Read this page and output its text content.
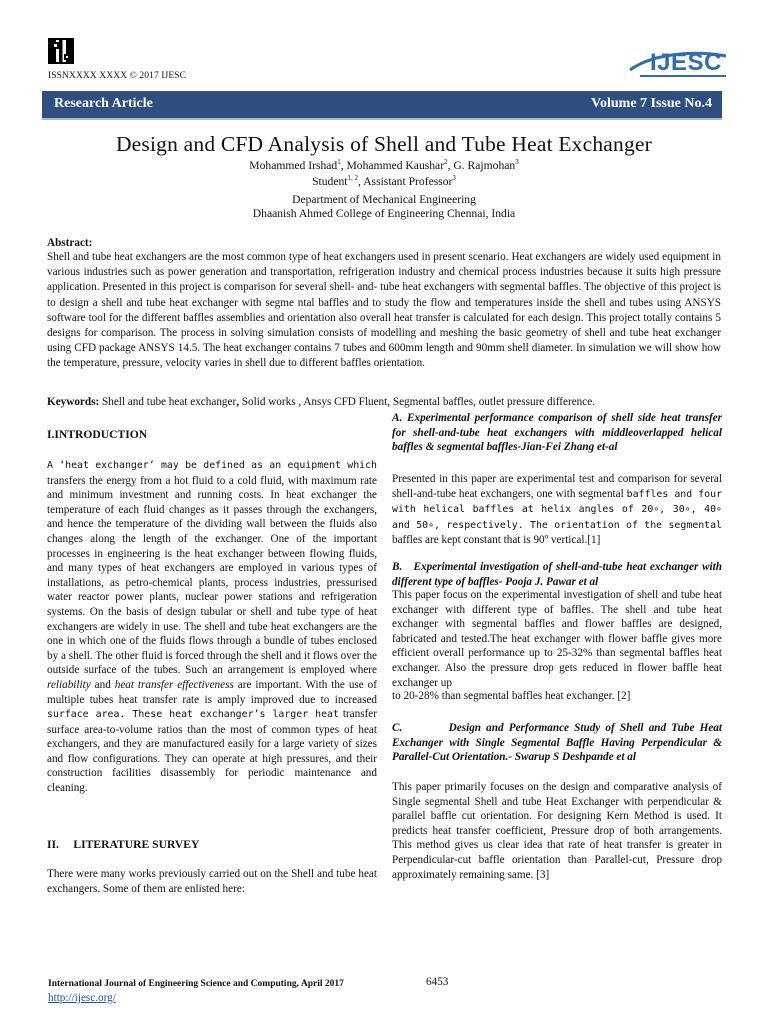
ISSNXXXX XXXX © 2017 IJESC	IJESC
Research Article	Volume 7 Issue No.4
Design and CFD Analysis of Shell and Tube Heat Exchanger
Mohammed Irshad$^1$, Mohammed Kaushar$^2$, G. Rajmohan$^3$
Student$^{1, 2}$, Assistant Professor$^3$
Department of Mechanical Engineering
Dhaanish Ahmed College of Engineering Chennai, India
Abstract:
Shell and tube heat exchangers are the most common type of heat exchangers used in present scenario. Heat exchangers are widely used equipment in various industries such as power generation and transportation, refrigeration industry and chemical process industries because it suits high pressure application. Presented in this project is comparison for several shell- and- tube heat exchangers with segmental baffles. The objective of this project is to design a shell and tube heat exchanger with segme ntal baffles and to study the flow and temperatures inside the shell and tubes using ANSYS software tool for the different baffles assemblies and orientation also overall heat transfer is calculated for each design. This project totally contains 5 designs for comparison. The process in solving simulation consists of modelling and meshing the basic geometry of shell and tube heat exchanger using CFD package ANSYS 14.5. The heat exchanger contains 7 tubes and 600mm length and 90mm shell diameter. In simulation we will show how the temperature, pressure, velocity varies in shell due to different baffles orientation.
Keywords: Shell and tube heat exchanger, Solid works , Ansys CFD Fluent, Segmental baffles, outlet pressure difference.
I.INTRODUCTION
A ‘heat exchanger’ may be defined as an equipment which transfers the energy from a hot fluid to a cold fluid, with maximum rate and minimum investment and running costs. In heat exchanger the temperature of each fluid changes as it passes through the exchangers, and hence the temperature of the dividing wall between the fluids also changes along the length of the exchanger. One of the important processes in engineering is the heat exchanger between flowing fluids, and many types of heat exchangers are employed in various types of installations, as petro-chemical plants, process industries, pressurised water reactor power plants, nuclear power stations and refrigeration systems. On the basis of design tubular or shell and tube type of heat exchangers are widely in use. The shell and tube heat exchangers are the one in which one of the fluids flows through a bundle of tubes enclosed by a shell. The other fluid is forced through the shell and it flows over the outside surface of the tubes. Such an arrangement is employed where reliability and heat transfer effectiveness are important. With the use of multiple tubes heat transfer rate is amply improved due to increased surface area. These heat exchanger’s larger heat transfer surface area-to-volume ratios than the most of common types of heat exchangers, and they are manufactured easily for a large variety of sizes and flow configurations. They can operate at high pressures, and their construction facilities disassembly for periodic maintenance and cleaning.
II.     LITERATURE SURVEY
There were many works previously carried out on the Shell and tube heat exchangers. Some of them are enlisted here:
A. Experimental performance comparison of shell side heat transfer for shell-and-tube heat exchangers with middleoverlapped helical baffles & segmental baffles-Jian-Fei Zhang et-al
Presented in this paper are experimental test and comparison for several shell-and-tube heat exchangers, one with segmental baffles and four with helical baffles at helix angles of 20∘, 30∘, 40∘ and 50∘, respectively. The orientation of the segmental baffles are kept constant that is 90º vertical.[1]
B.   Experimental investigation of shell-and-tube heat exchanger with different type of baffles- Pooja J. Pawar et al
This paper focus on the experimental investigation of shell and tube heat exchanger with different type of baffles. The shell and tube heat exchanger with segmental baffles and flower baffles are designed, fabricated and tested.The heat exchanger with flower baffle gives more efficient overall performance up to 25-32% than segmental baffles heat exchanger. Also the pressure drop gets reduced in flower baffle heat exchanger up
to 20-28% than segmental baffles heat exchanger. [2]
C.         Design and Performance Study of Shell and Tube Heat Exchanger with Single Segmental Baffle Having Perpendicular & Parallel-Cut Orientation.- Swarup S Deshpande et al
This paper primarily focuses on the design and comparative analysis of Single segmental Shell and tube Heat Exchanger with perpendicular & parallel baffle cut orientation. For designing Kern Method is used. It predicts heat transfer coefficient, Pressure drop of both arrangements. This method gives us clear idea that rate of heat transfer is greater in Perpendicular-cut baffle orientation than Parallel-cut, Pressure drop approximately remaining same. [3]
International Journal of Engineering Science and Computing, April 2017	6453
http://ijesc.org/
